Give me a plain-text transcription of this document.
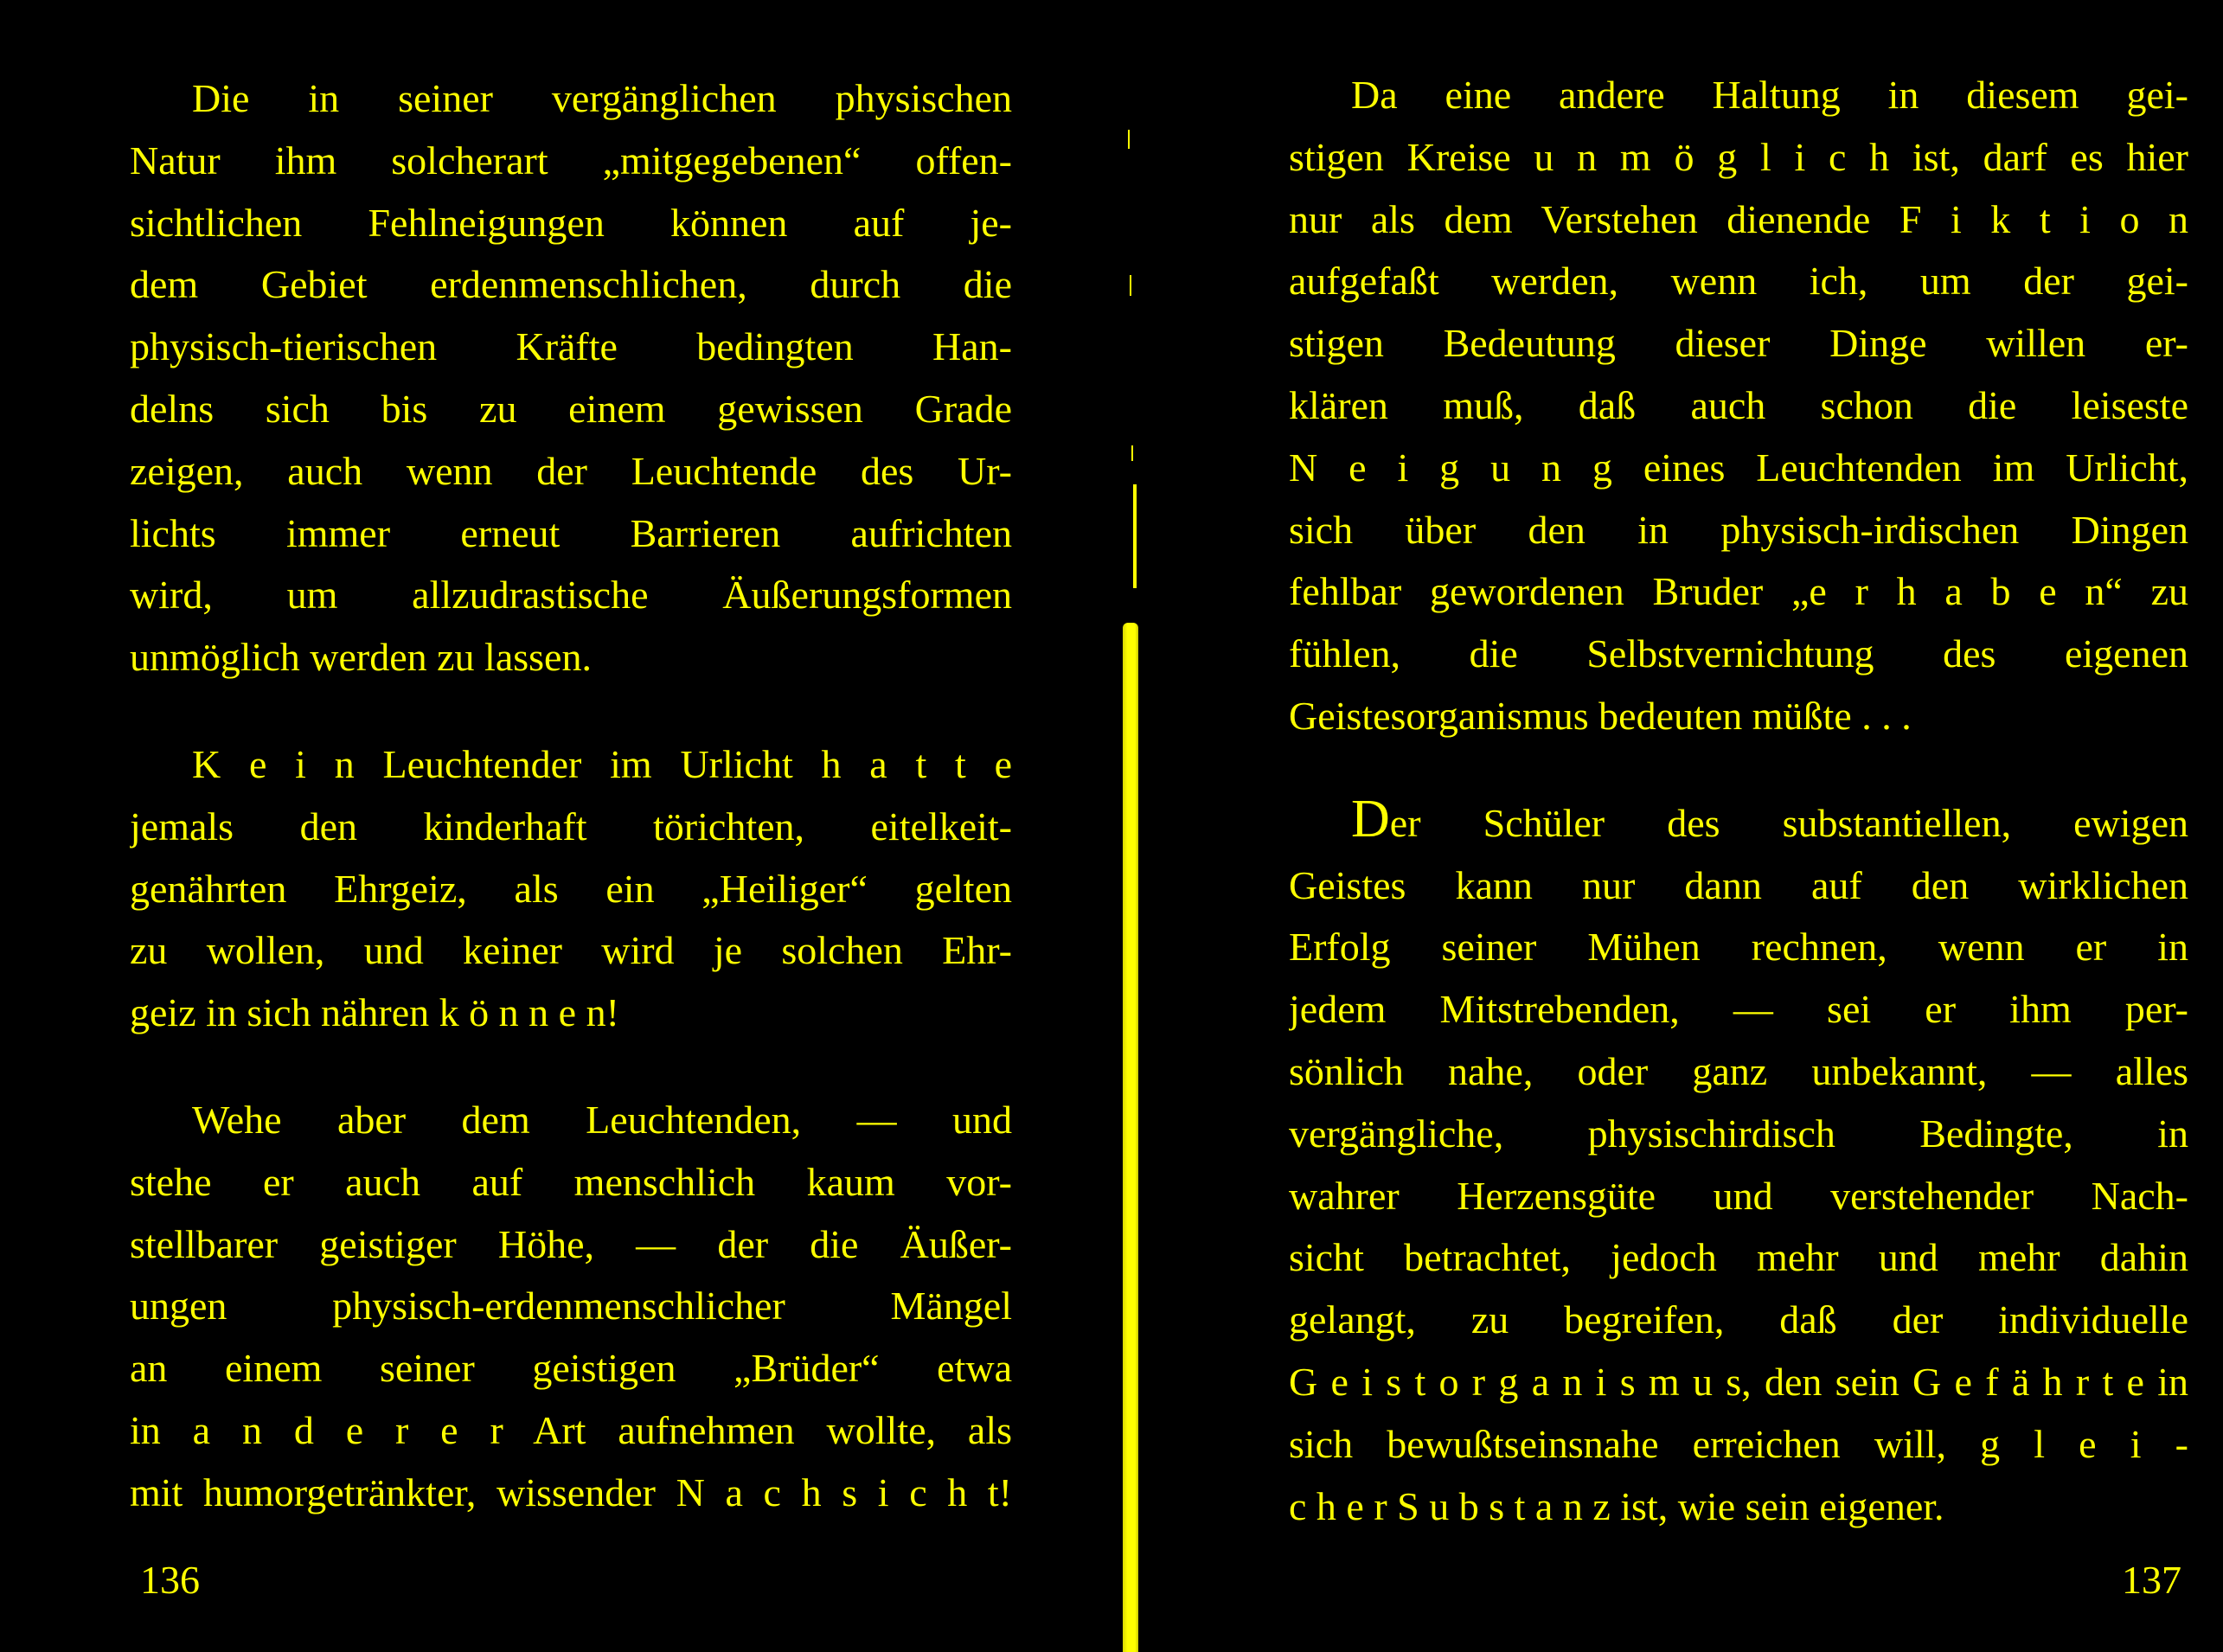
Die in seiner vergänglichen physischen
Natur ihm solcherart „mitgegebenen“ offen-
sichtlichen Fehlneigungen können auf je-
dem Gebiet erdenmenschlichen, durch die
physisch-tierischen Kräfte bedingten Han-
delns sich bis zu einem gewissen Grade
zeigen, auch wenn der Leuchtende des Ur-
lichts immer erneut Barrieren aufrichten
wird, um allzudrastische Äußerungsformen
unmöglich werden zu lassen.
K e i n Leuchtender im Urlicht h a t t e
jemals den kinderhaft törichten, eitelkeit-
genährten Ehrgeiz, als ein „Heiliger“ gelten
zu wollen, und keiner wird je solchen Ehr-
geiz in sich nähren k ö n n e n!
Wehe aber dem Leuchtenden, — und
stehe er auch auf menschlich kaum vor-
stellbarer geistiger Höhe, — der die Äußer-
ungen physisch-erdenmenschlicher Mängel
an einem seiner geistigen „Brüder“ etwa
in a n d e r e r Art aufnehmen wollte, als
mit humorgetränkter, wissender N a c h s i c h t!
136
Da eine andere Haltung in diesem gei-
stigen Kreise u n m ö g l i c h ist, darf es hier
nur als dem Verstehen dienende F i k t i o n
aufgefaßt werden, wenn ich, um der gei-
stigen Bedeutung dieser Dinge willen er-
klären muß, daß auch schon die leiseste
N e i g u n g eines Leuchtenden im Urlicht,
sich über den in physisch-irdischen Dingen
fehlbar gewordenen Bruder „e r h a b e n“ zu
fühlen, die Selbstvernichtung des eigenen
Geistesorganismus bedeuten müßte . . .
Der Schüler des substantiellen, ewigen
Geistes kann nur dann auf den wirklichen
Erfolg seiner Mühen rechnen, wenn er in
jedem Mitstrebenden, — sei er ihm per-
sönlich nahe, oder ganz unbekannt, — alles
vergängliche, physischirdisch Bedingte, in
wahrer Herzensgüte und verstehender Nach-
sicht betrachtet, jedoch mehr und mehr dahin
gelangt, zu begreifen, daß der individuelle
G e i s t o r g a n i s m u s, den sein G e f ä h r t e in
sich bewußtseinsnahe erreichen will, g l e i -
c h e r S u b s t a n z ist, wie sein eigener.
137
